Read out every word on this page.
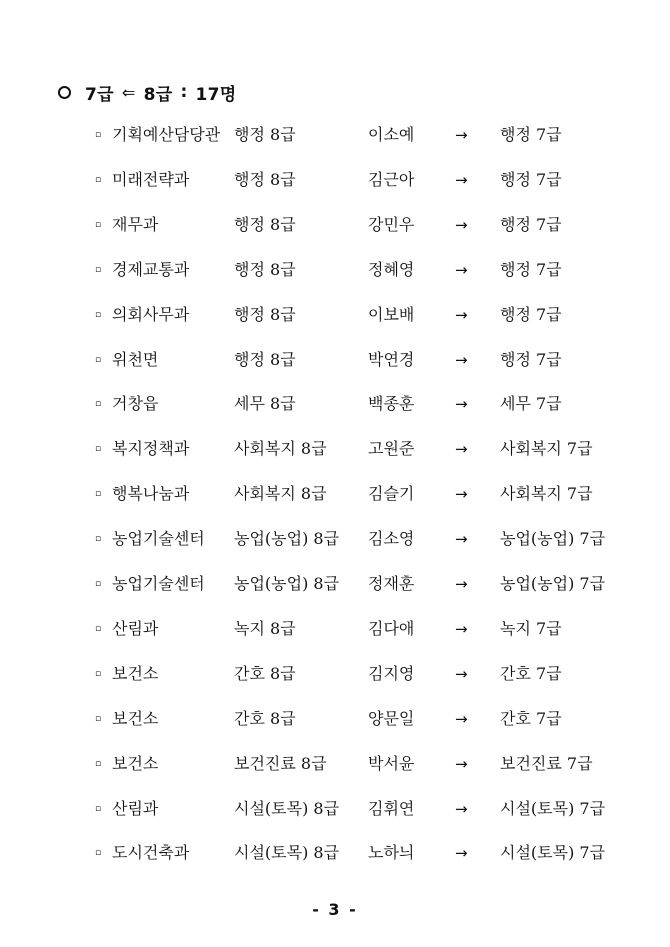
7급 ⇐ 8급 : 17명
▫ 기획예산담당관 행정 8급	이소예	→ 행정 7급
▫ 미래전략과	행정 8급	김근아	→ 행정 7급
▫ 재무과	행정 8급	강민우	→ 행정 7급
▫ 경제교통과	행정 8급	정혜영	→ 행정 7급
▫ 의회사무과	행정 8급	이보배	→ 행정 7급
▫ 위천면	행정 8급	박연경	→ 행정 7급
▫ 거창읍	세무 8급	백종훈	→ 세무 7급
▫ 복지정책과	사회복지 8급	고원준	→ 사회복지 7급
▫ 행복나눔과	사회복지 8급	김슬기	→ 사회복지 7급
▫ 농업기술센터 농업(농업) 8급 김소영	→ 농업(농업) 7급
▫ 농업기술센터 농업(농업) 8급 정재훈	→ 농업(농업) 7급
▫ 산림과	녹지 8급	김다애	→ 녹지 7급
▫ 보건소	간호 8급	김지영	→ 간호 7급
▫ 보건소	간호 8급	양문일	→ 간호 7급
▫ 보건소	보건진료 8급	박서윤	→ 보건진료 7급
▫ 산림과	시설(토목) 8급 김휘연	→ 시설(토목) 7급
▫ 도시건축과	시설(토목) 8급 노하늬	→ 시설(토목) 7급
- 3 -
